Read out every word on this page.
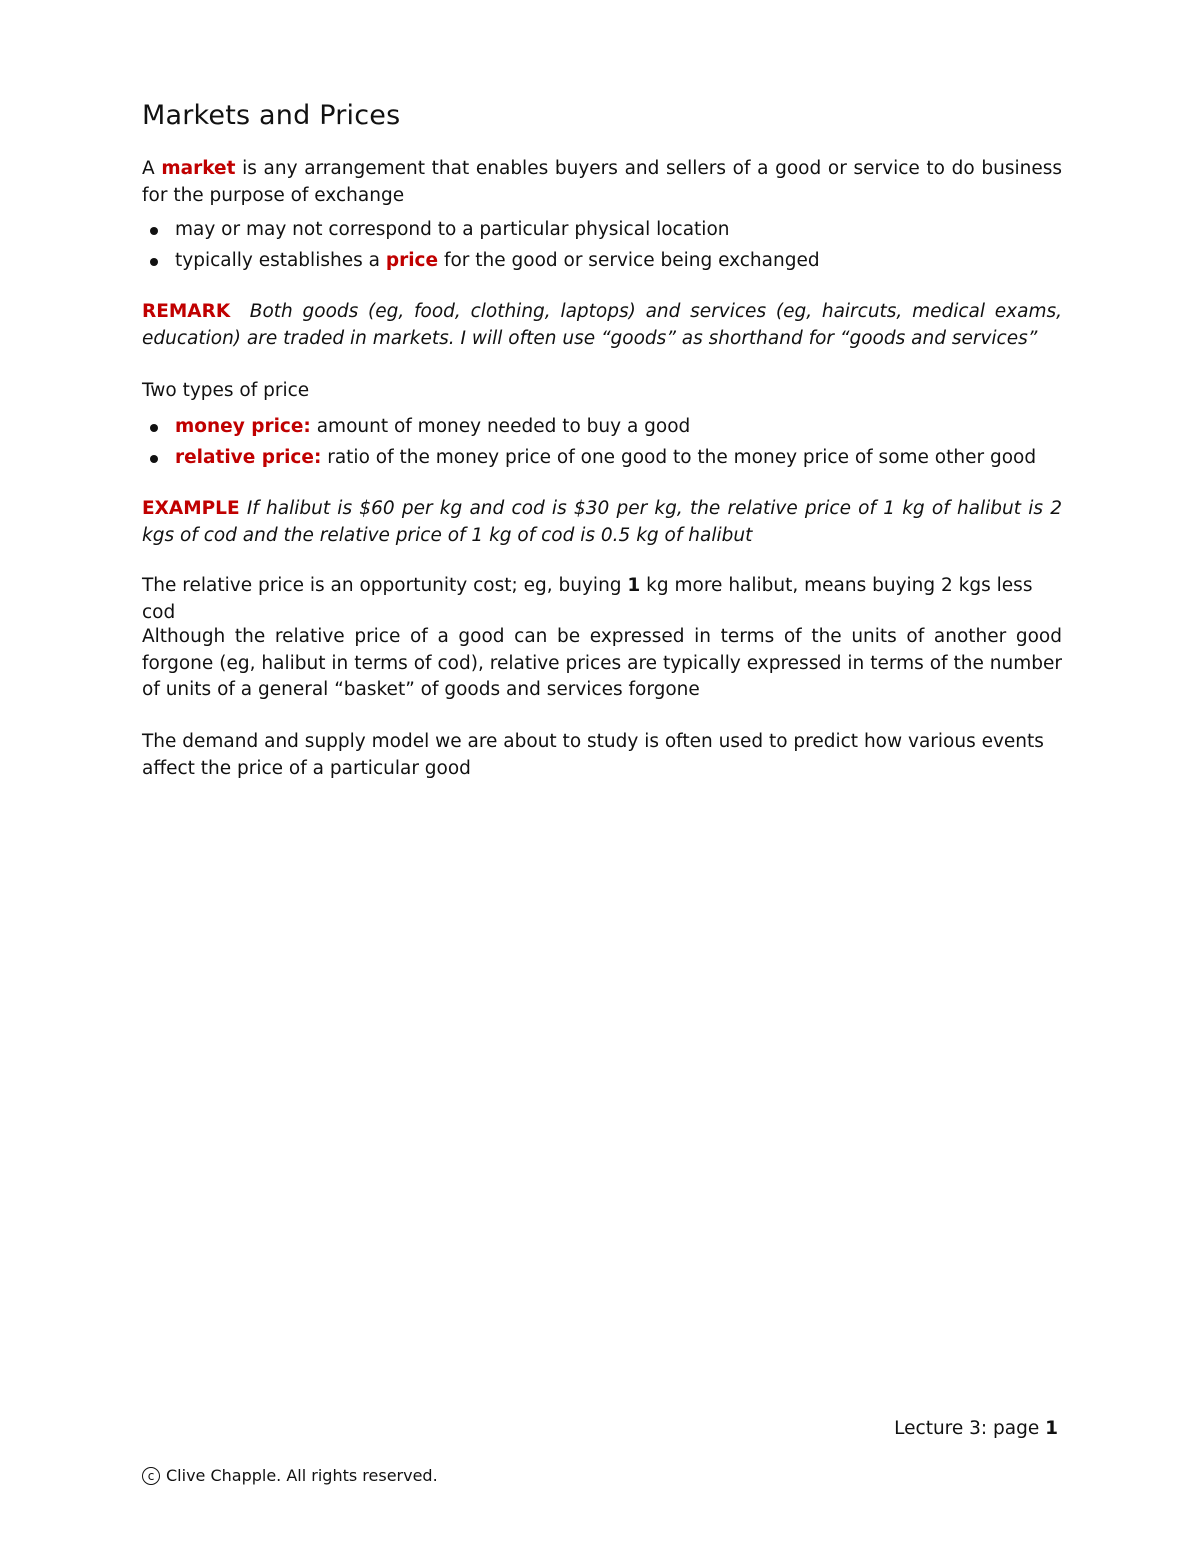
Markets and Prices

A market is any arrangement that enables buyers and sellers of a good or service to do business for the purpose of exchange

may or may not correspond to a particular physical location
typically establishes a price for the good or service being exchanged

REMARK Both goods (eg, food, clothing, laptops) and services (eg, haircuts, medical exams, education) are traded in markets. I will often use “goods” as shorthand for “goods and services”

Two types of price

money price: amount of money needed to buy a good
relative price: ratio of the money price of one good to the money price of some other good

EXAMPLE If halibut is $60 per kg and cod is $30 per kg, the relative price of 1 kg of halibut is 2 kgs of cod and the relative price of 1 kg of cod is 0.5 kg of halibut

The relative price is an opportunity cost; eg, buying 1 kg more halibut, means buying 2 kgs less cod

Although the relative price of a good can be expressed in terms of the units of another good forgone (eg, halibut in terms of cod), relative prices are typically expressed in terms of the number of units of a general “basket” of goods and services forgone

The demand and supply model we are about to study is often used to predict how various events affect the price of a particular good

Lecture 3: page 1
c Clive Chapple. All rights reserved.
